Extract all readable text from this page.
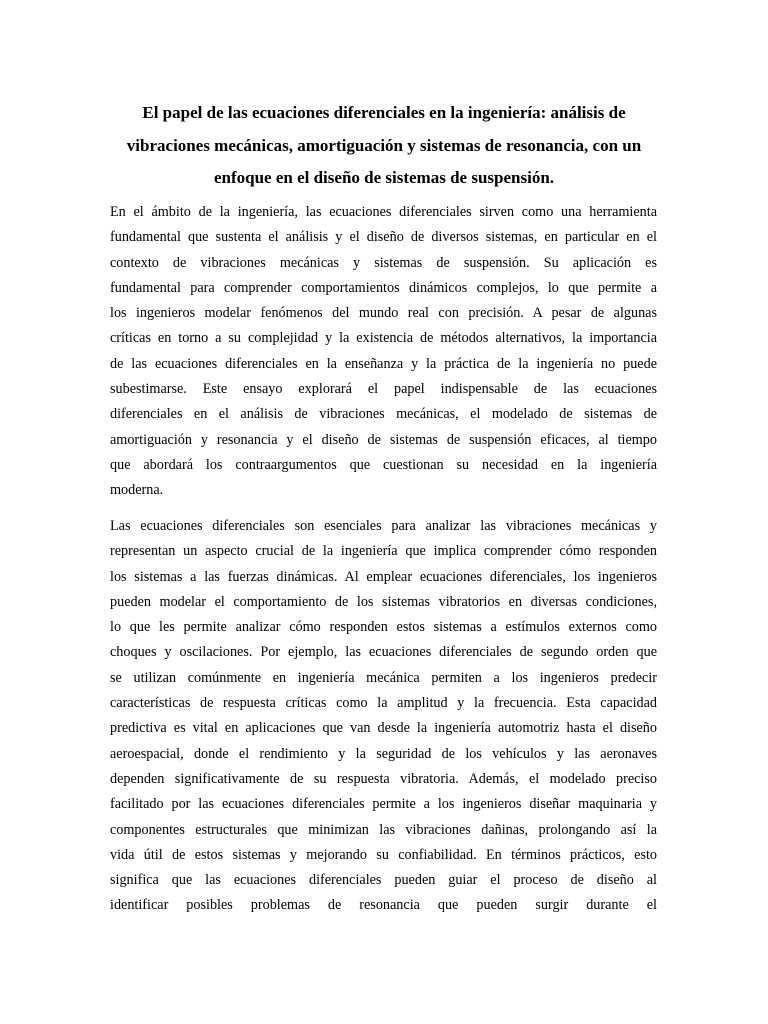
El papel de las ecuaciones diferenciales en la ingeniería: análisis de
vibraciones mecánicas, amortiguación y sistemas de resonancia, con un
enfoque en el diseño de sistemas de suspensión.
En el ámbito de la ingeniería, las ecuaciones diferenciales sirven como una herramienta
fundamental que sustenta el análisis y el diseño de diversos sistemas, en particular en el
contexto de vibraciones mecánicas y sistemas de suspensión. Su aplicación es
fundamental para comprender comportamientos dinámicos complejos, lo que permite a
los ingenieros modelar fenómenos del mundo real con precisión. A pesar de algunas
críticas en torno a su complejidad y la existencia de métodos alternativos, la importancia
de las ecuaciones diferenciales en la enseñanza y la práctica de la ingeniería no puede
subestimarse. Este ensayo explorará el papel indispensable de las ecuaciones
diferenciales en el análisis de vibraciones mecánicas, el modelado de sistemas de
amortiguación y resonancia y el diseño de sistemas de suspensión eficaces, al tiempo
que abordará los contraargumentos que cuestionan su necesidad en la ingeniería
moderna.
Las ecuaciones diferenciales son esenciales para analizar las vibraciones mecánicas y
representan un aspecto crucial de la ingeniería que implica comprender cómo responden
los sistemas a las fuerzas dinámicas. Al emplear ecuaciones diferenciales, los ingenieros
pueden modelar el comportamiento de los sistemas vibratorios en diversas condiciones,
lo que les permite analizar cómo responden estos sistemas a estímulos externos como
choques y oscilaciones. Por ejemplo, las ecuaciones diferenciales de segundo orden que
se utilizan comúnmente en ingeniería mecánica permiten a los ingenieros predecir
características de respuesta críticas como la amplitud y la frecuencia. Esta capacidad
predictiva es vital en aplicaciones que van desde la ingeniería automotriz hasta el diseño
aeroespacial, donde el rendimiento y la seguridad de los vehículos y las aeronaves
dependen significativamente de su respuesta vibratoria. Además, el modelado preciso
facilitado por las ecuaciones diferenciales permite a los ingenieros diseñar maquinaria y
componentes estructurales que minimizan las vibraciones dañinas, prolongando así la
vida útil de estos sistemas y mejorando su confiabilidad. En términos prácticos, esto
significa que las ecuaciones diferenciales pueden guiar el proceso de diseño al
identificar posibles problemas de resonancia que pueden surgir durante el
